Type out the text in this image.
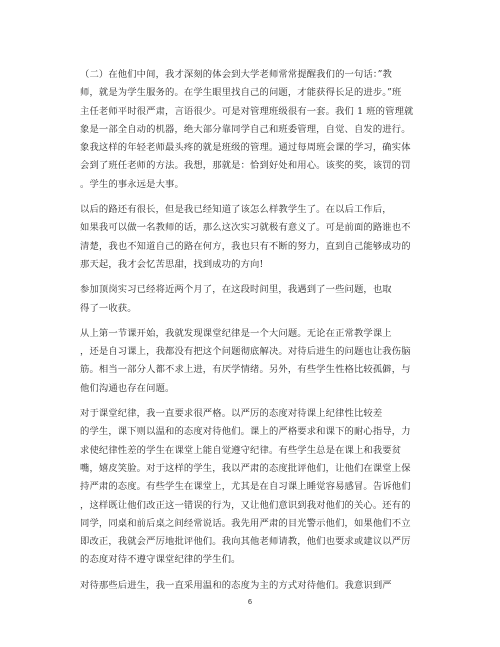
（二）在他们中间，我才深刻的体会到大学老师常常提醒我们的一句话：”教
师，就是为学生服务的。在学生眼里找自己的问题，才能获得长足的进步。”班
主任老师平时很严肃，言语很少。可是对管理班级很有一套。我们 1 班的管理就
象是一部全自动的机器，绝大部分靠同学自己和班委管理，自觉、自发的进行。
象我这样的年轻老师最头疼的就是班级的管理。通过每周班会课的学习，确实体
会到了班任老师的方法。我想，那就是：恰到好处和用心。该奖的奖，该罚的罚
。学生的事永远是大事。

以后的路还有很长，但是我已经知道了该怎么样教学生了。在以后工作后，
如果我可以做一名教师的话，那么这次实习就极有意义了。可是前面的路谁也不
清楚，我也不知道自己的路在何方，我也只有不断的努力，直到自己能够成功的
那天起，我才会忆苦思甜，找到成功的方向!

参加顶岗实习已经将近两个月了，在这段时间里，我遇到了一些问题，也取
得了一收获。

从上第一节课开始，我就发现课堂纪律是一个大问题。无论在正常教学课上
，还是自习课上，我都没有把这个问题彻底解决。对待后进生的问题也让我伤脑
筋。相当一部分人都不求上进，有厌学情绪。另外，有些学生性格比较孤僻，与
他们沟通也存在问题。

对于课堂纪律，我一直要求很严格。以严厉的态度对待课上纪律性比较差
的学生，课下则以温和的态度对待他们。课上的严格要求和课下的耐心指导，力
求使纪律性差的学生在课堂上能自觉遵守纪律。有些学生总是在课上和我要贫
嘴，嬉皮笑脸。对于这样的学生，我以严肃的态度批评他们，让他们在课堂上保
持严肃的态度。有些学生在课堂上，尤其是在自习课上睡觉容易感冒。告诉他们
，这样既让他们改正这一错误的行为，又让他们意识到我对他们的关心。还有的
同学，同桌和前后桌之间经常说话。我先用严肃的目光警示他们，如果他们不立
即改正，我就会严厉地批评他们。我向其他老师请教，他们也要求或建议以严厉
的态度对待不遵守课堂纪律的学生们。

对待那些后进生，我一直采用温和的态度为主的方式对待他们。我意识到严

6
